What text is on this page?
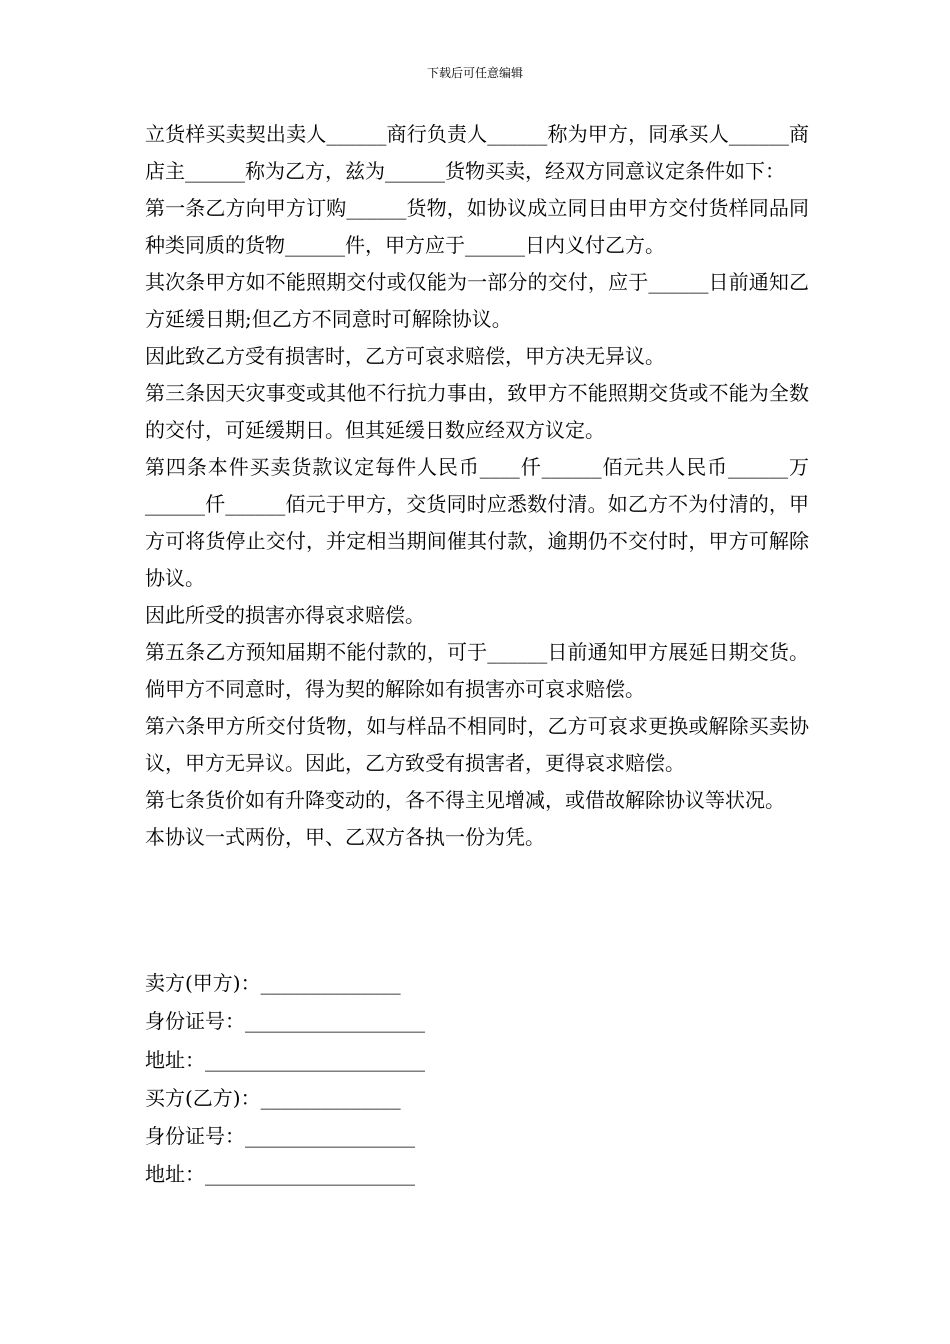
下载后可任意编辑

立货样买卖契出卖人______商行负责人______称为甲方，同承买人______商店主______称为乙方，兹为______货物买卖，经双方同意议定条件如下：

第一条乙方向甲方订购______货物，如协议成立同日由甲方交付货样同品同种类同质的货物______件，甲方应于______日内义付乙方。

其次条甲方如不能照期交付或仅能为一部分的交付，应于______日前通知乙方延缓日期;但乙方不同意时可解除协议。

因此致乙方受有损害时，乙方可哀求赔偿，甲方决无异议。

第三条因天灾事变或其他不行抗力事由，致甲方不能照期交货或不能为全数的交付，可延缓期日。但其延缓日数应经双方议定。

第四条本件买卖货款议定每件人民币____仟______佰元共人民币______万______仟______佰元于甲方，交货同时应悉数付清。如乙方不为付清的，甲方可将货停止交付，并定相当期间催其付款，逾期仍不交付时，甲方可解除协议。

因此所受的损害亦得哀求赔偿。

第五条乙方预知届期不能付款的，可于______日前通知甲方展延日期交货。倘甲方不同意时，得为契的解除如有损害亦可哀求赔偿。

第六条甲方所交付货物，如与样品不相同时，乙方可哀求更换或解除买卖协议，甲方无异议。因此，乙方致受有损害者，更得哀求赔偿。

第七条货价如有升降变动的，各不得主见增减，或借故解除协议等状况。

本协议一式两份，甲、乙双方各执一份为凭。

卖方(甲方)：______________

身份证号：__________________

地址：______________________

买方(乙方)：______________

身份证号：_________________

地址：_____________________
